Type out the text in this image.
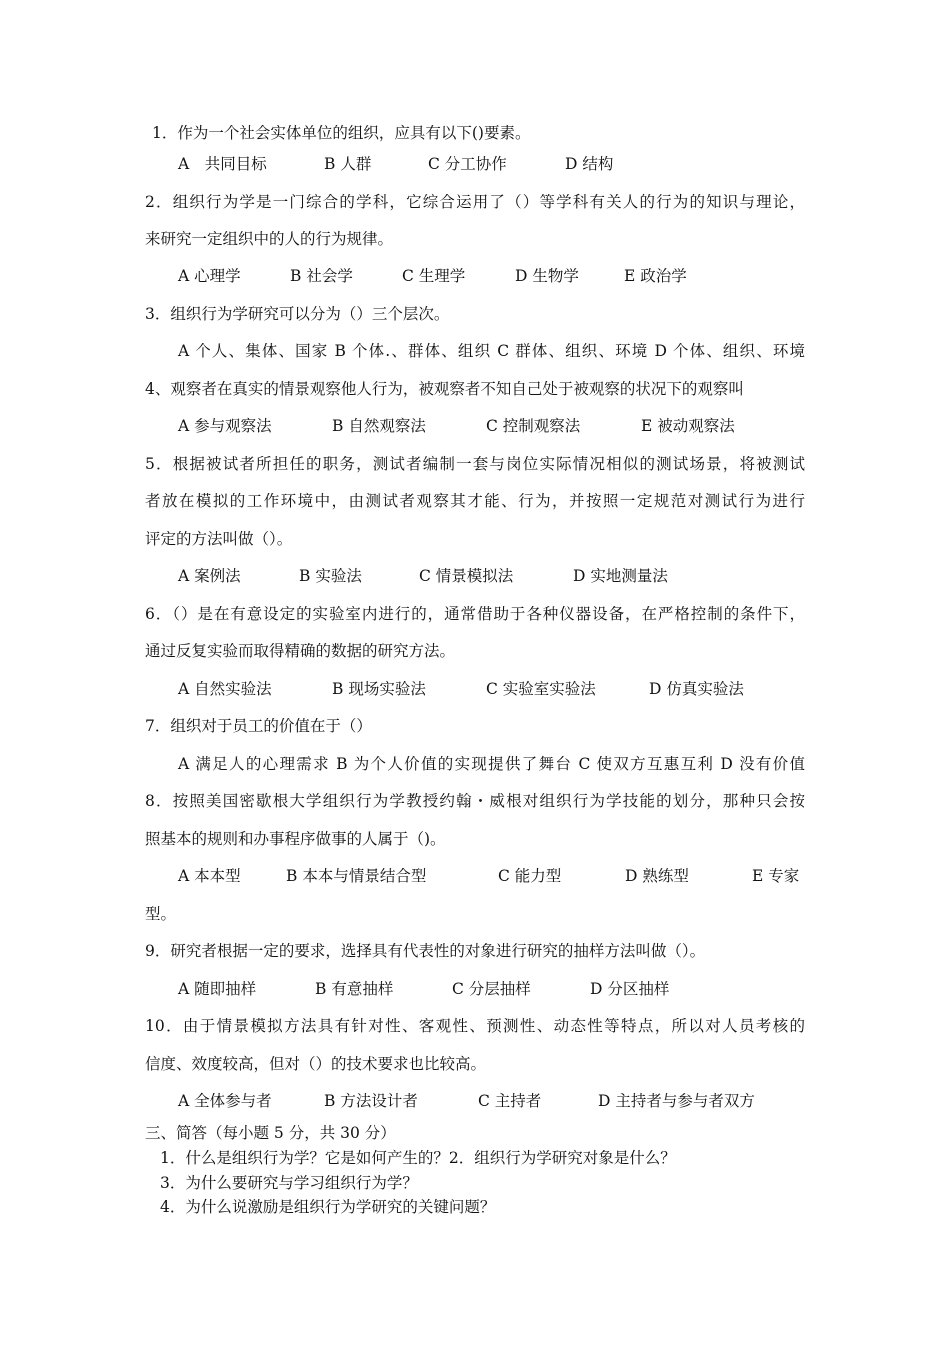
1．作为一个社会实体单位的组织，应具有以下()要素。
A　共同目标	B 人群	C 分工协作	D 结构
2．组织行为学是一门综合的学科，它综合运用了（）等学科有关人的行为的知识与理论，
来研究一定组织中的人的行为规律。
A 心理学	B 社会学	C 生理学	D 生物学	E 政治学
3．组织行为学研究可以分为（）三个层次。
A 个人、集体、国家 B 个体.、群体、组织 C 群体、组织、环境 D 个体、组织、环境
4、观察者在真实的情景观察他人行为，被观察者不知自己处于被观察的状况下的观察叫
A 参与观察法	B 自然观察法	C 控制观察法	E 被动观察法
5．根据被试者所担任的职务，测试者编制一套与岗位实际情况相似的测试场景，将被测试
者放在模拟的工作环境中，由测试者观察其才能、行为，并按照一定规范对测试行为进行
评定的方法叫做（）。
A 案例法	B 实验法	C 情景模拟法	D 实地测量法
6．（）是在有意设定的实验室内进行的，通常借助于各种仪器设备，在严格控制的条件下，
通过反复实验而取得精确的数据的研究方法。
A 自然实验法	B 现场实验法	C 实验室实验法	D 仿真实验法
7．组织对于员工的价值在于（）
A 满足人的心理需求 B 为个人价值的实现提供了舞台 C 使双方互惠互利 D 没有价值
8．按照美国密歇根大学组织行为学教授约翰・威根对组织行为学技能的划分，那种只会按
照基本的规则和办事程序做事的人属于（)。
A 本本型	B 本本与情景结合型	C 能力型	D 熟练型	E 专家
型。
9．研究者根据一定的要求，选择具有代表性的对象进行研究的抽样方法叫做（）。
A 随即抽样	B 有意抽样	C 分层抽样	D 分区抽样
10．由于情景模拟方法具有针对性、客观性、预测性、动态性等特点，所以对人员考核的
信度、效度较高，但对（）的技术要求也比较高。
A 全体参与者	B 方法设计者	C 主持者	D 主持者与参与者双方
三、简答（每小题 5 分，共 30 分）
1．什么是组织行为学？它是如何产生的？2．组织行为学研究对象是什么？
3．为什么要研究与学习组织行为学？
4．为什么说激励是组织行为学研究的关键问题？
